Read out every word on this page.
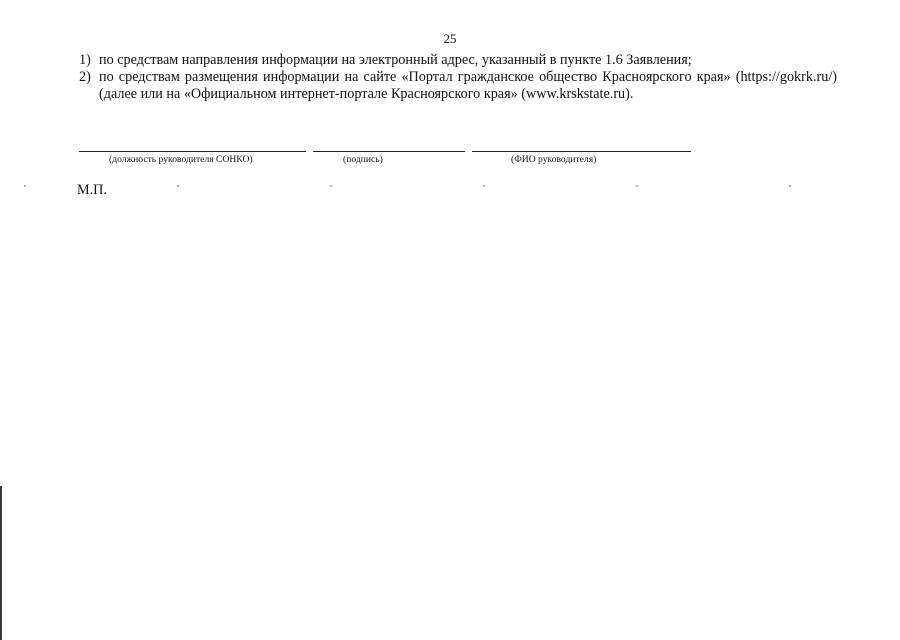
25
1) по средствам направления информации на электронный адрес, указанный в пункте 1.6 Заявления;
2) по средствам размещения информации на сайте «Портал гражданское общество Красноярского края» (https://gokrk.ru/) (далее или на «Официальном интернет-портале Красноярского края» (www.krskstate.ru).
(должность руководителя СОНКО)	(подпись)	(ФИО руководителя)
М.П.
